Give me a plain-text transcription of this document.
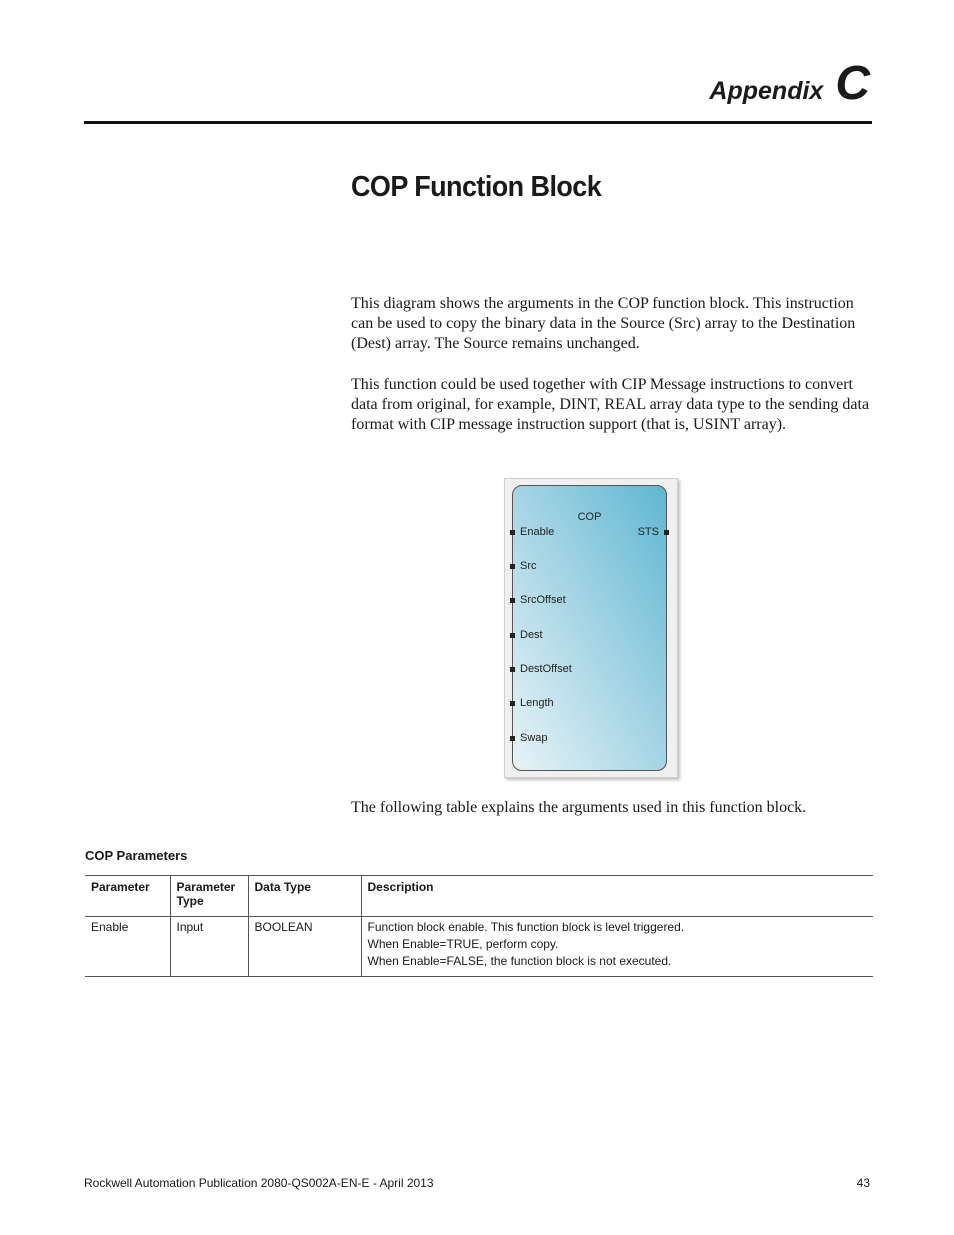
Appendix C
COP Function Block

This diagram shows the arguments in the COP function block. This instruction can be used to copy the binary data in the Source (Src) array to the Destination (Dest) array. The Source remains unchanged.

This function could be used together with CIP Message instructions to convert data from original, for example, DINT, REAL array data type to the sending data format with CIP message instruction support (that is, USINT array).

COP
Enable	STS
Src
SrcOffset
Dest
DestOffset
Length
Swap

The following table explains the arguments used in this function block.

COP Parameters

Parameter	Parameter Type	Data Type	Description
Enable	Input	BOOLEAN	Function block enable. This function block is level triggered.
When Enable=TRUE, perform copy.
When Enable=FALSE, the function block is not executed.
Rockwell Automation Publication 2080-QS002A-EN-E - April 2013	43
